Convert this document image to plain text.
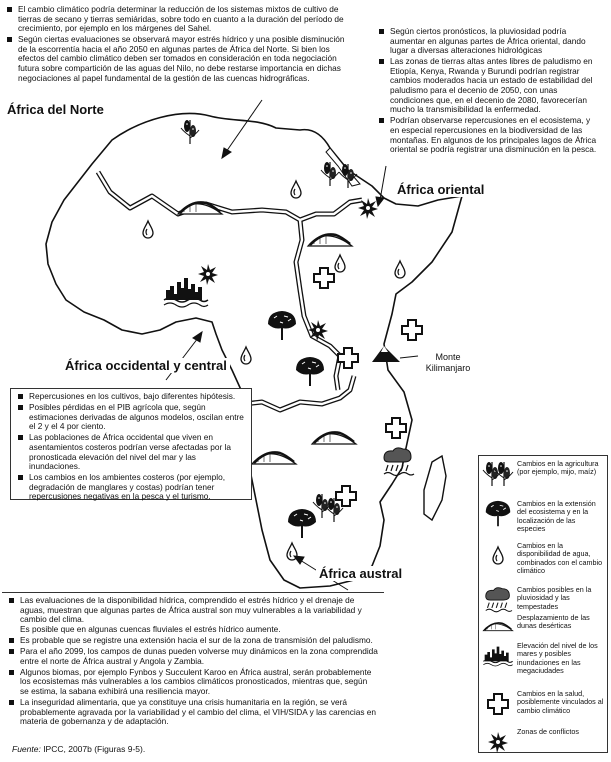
El cambio climático podría determinar la reducción de los sistemas mixtos de cultivo de tierras de secano y tierras semiáridas, sobre todo en cuanto a la duración del período de crecimiento, por ejemplo en los márgenes del Sahel.
Según ciertas evaluaciones se observará mayor estrés hídrico y una posible disminución de la escorrentía hacia el año 2050 en algunas partes de África del Norte. Si bien los efectos del cambio climático deben ser tomados en consideración en toda negociación futura sobre compartición de las aguas del Nilo, no debe restarse importancia en dichas negociaciones al papel fundamental de la gestión de las cuencas hidrográficas.
Según ciertos pronósticos, la pluviosidad podría aumentar en algunas partes de África oriental, dando lugar a diversas alteraciones hidrológicas
Las zonas de tierras altas antes libres de paludismo en Etiopía, Kenya, Rwanda y Burundi podrían registrar cambios moderados hacia un estado de estabilidad del paludismo para el decenio de 2050, con unas condiciones que, en el decenio de 2080, favorecerían mucho la transmisibilidad la enfermedad.
Podrían observarse repercusiones en el ecosistema, y en especial repercusiones en la biodiversidad de las montañas. En algunos de los principales lagos de África oriental se podría registrar una disminución en la pesca.
Repercusiones en los cultivos, bajo diferentes hipótesis.
Posibles pérdidas en el PIB agrícola que, según estimaciones derivadas de algunos modelos, oscilan entre el 2 y el 4 por ciento.
Las poblaciones de África occidental que viven en asentamientos costeros podrían verse afectadas por la pronosticada elevación del nivel del mar y las inundaciones.
Los cambios en los ambientes costeros (por ejemplo, degradación de manglares y costas) podrían tener repercusiones negativas en la pesca y el turismo.
Las evaluaciones de la disponibilidad hídrica, comprendido el estrés hídrico y el drenaje de aguas, muestran que algunas partes de África austral son muy vulnerables a la variabilidad y cambio del clima.
Es posible que en algunas cuencas fluviales el estrés hídrico aumente.
Es probable que se registre una extensión hacia el sur de la zona de transmisión del paludismo.
Para el año 2099, los campos de dunas pueden volverse muy dinámicos en la zona comprendida entre el norte de África austral y Angola y Zambia.
Algunos biomas, por ejemplo Fynbos y Succulent Karoo en África austral, serán probablemente los ecosistemas más vulnerables a los cambios climáticos pronosticados, mientras que, según se estima, la sabana exhibirá una resiliencia mayor.
La inseguridad alimentaria, que ya constituye una crisis humanitaria en la región, se verá probablemente agravada por la variabilidad y el cambio del clima, el VIH/SIDA y las carencias en materia de gobernanza y de adaptación.
África del Norte
África oriental
África occidental y central
África austral
Monte Kilimanjaro
Cambios en la agricultura (por ejemplo, mijo, maíz)
Cambios en la extensión del ecosistema y en la localización de las especies
Cambios en la disponibilidad de agua, combinados con el cambio climático
Cambios posibles en la pluviosidad y las tempestades
Desplazamiento de las dunas desérticas
Elevación del nivel de los mares y posibles inundaciones en las megaciudades
Cambios en la salud, posiblemente vinculados al cambio climático
Zonas de conflictos
Fuente: IPCC, 2007b (Figuras 9-5).
